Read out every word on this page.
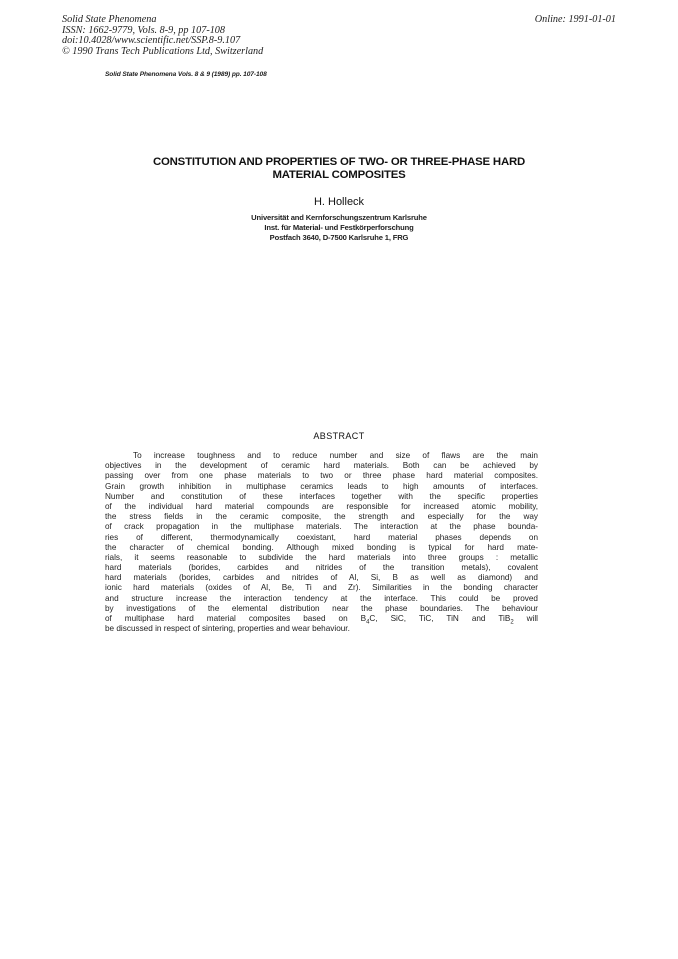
Solid State Phenomena
ISSN: 1662-9779, Vols. 8-9, pp 107-108
doi:10.4028/www.scientific.net/SSP.8-9.107
© 1990 Trans Tech Publications Ltd, Switzerland
Online: 1991-01-01
Solid State Phenomena Vols. 8 & 9 (1989) pp. 107-108
CONSTITUTION AND PROPERTIES OF TWO- OR THREE-PHASE HARD
MATERIAL COMPOSITES
H. Holleck
Universität and Kernforschungszentrum Karlsruhe
Inst. für Material- und Festkörperforschung
Postfach 3640, D-7500 Karlsruhe 1, FRG
ABSTRACT
To increase toughness and to reduce number and size of flaws are the main
objectives in the development of ceramic hard materials. Both can be achieved by
passing over from one phase materials to two or three phase hard material composites.
Grain growth inhibition in multiphase ceramics leads to high amounts of interfaces.
Number and constitution of these interfaces together with the specific properties
of the individual hard material compounds are responsible for increased atomic mobility,
the stress fields in the ceramic composite, the strength and especially for the way
of crack propagation in the multiphase materials. The interaction at the phase bounda-
ries of different, thermodynamically coexistant, hard material phases depends on
the character of chemical bonding. Although mixed bonding is typical for hard mate-
rials, it seems reasonable to subdivide the hard materials into three groups : metallic
hard materials (borides, carbides and nitrides of the transition metals), covalent
hard materials (borides, carbides and nitrides of Al, Si, B as well as diamond) and
ionic hard materials (oxides of Al, Be, Ti and Zr). Similarities in the bonding character
and structure increase the interaction tendency at the interface. This could be proved
by investigations of the elemental distribution near the phase boundaries. The behaviour
of multiphase hard material composites based on $B_4C$, SiC, TiC, TiN and TiB$_2$ will
be discussed in respect of sintering, properties and wear behaviour.
